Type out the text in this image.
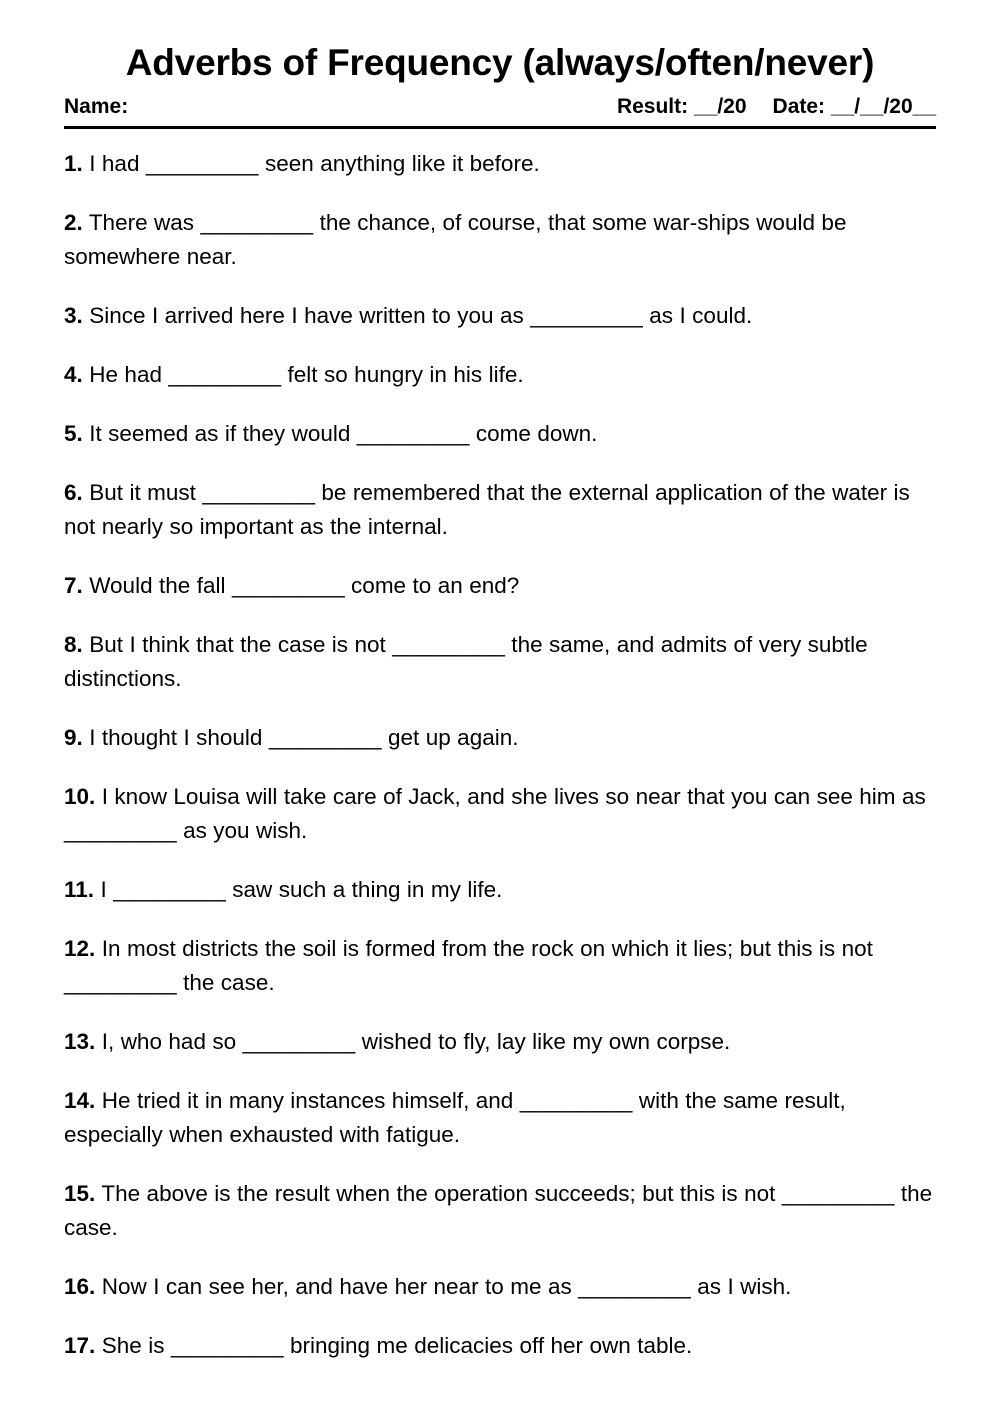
Adverbs of Frequency (always/often/never)
Name:	Result: __/20 Date: __/__/20__
1. I had _________ seen anything like it before.
2. There was _________ the chance, of course, that some war-ships would be somewhere near.
3. Since I arrived here I have written to you as _________ as I could.
4. He had _________ felt so hungry in his life.
5. It seemed as if they would _________ come down.
6. But it must _________ be remembered that the external application of the water is not nearly so important as the internal.
7. Would the fall _________ come to an end?
8. But I think that the case is not _________ the same, and admits of very subtle distinctions.
9. I thought I should _________ get up again.
10. I know Louisa will take care of Jack, and she lives so near that you can see him as _________ as you wish.
11. I _________ saw such a thing in my life.
12. In most districts the soil is formed from the rock on which it lies; but this is not _________ the case.
13. I, who had so _________ wished to fly, lay like my own corpse.
14. He tried it in many instances himself, and _________ with the same result, especially when exhausted with fatigue.
15. The above is the result when the operation succeeds; but this is not _________ the case.
16. Now I can see her, and have her near to me as _________ as I wish.
17. She is _________ bringing me delicacies off her own table.
